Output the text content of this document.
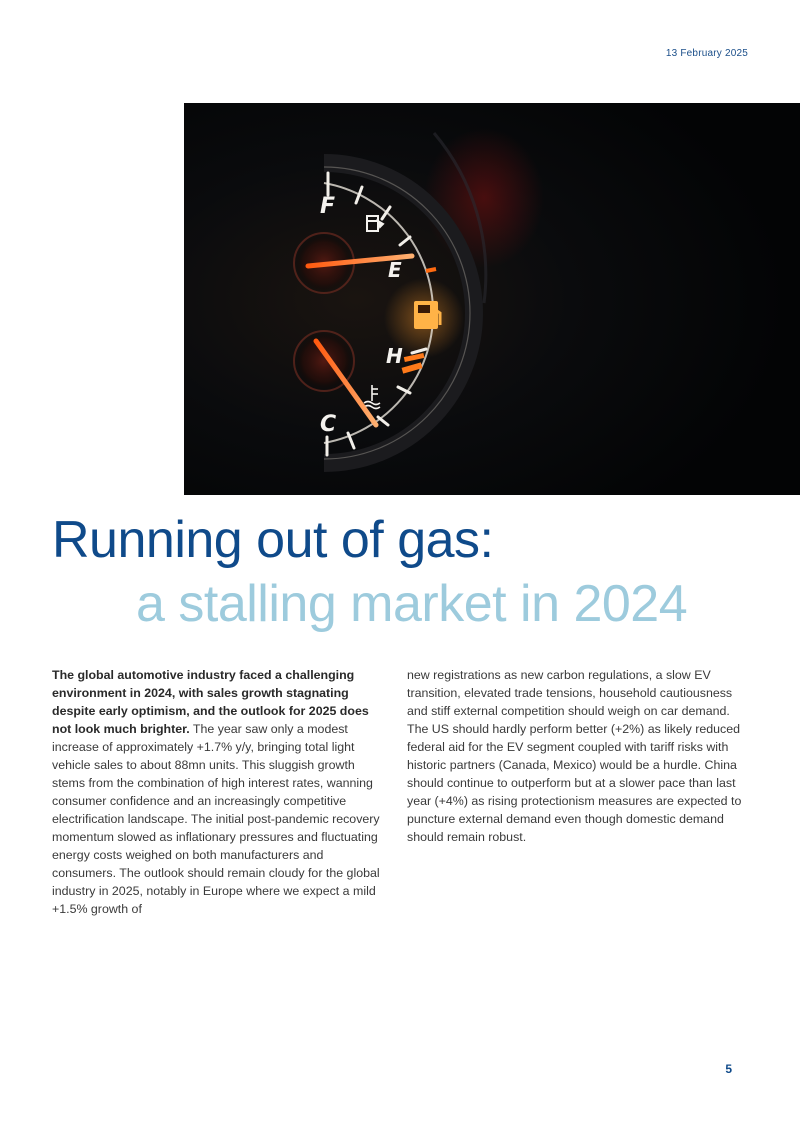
13 February 2025
F
E
H
C
Running out of gas:
a stalling market in 2024

The global automotive industry faced a challenging environment in 2024, with sales growth stagnating despite early optimism, and the outlook for 2025 does not look much brighter. The year saw only a modest increase of approximately +1.7% y/y, bringing total light vehicle sales to about 88mn units. This sluggish growth stems from the combination of high interest rates, wanning consumer confidence and an increasingly competitive electrification landscape. The initial post-pandemic recovery momentum slowed as inflationary pressures and fluctuating energy costs weighed on both manufacturers and consumers. The outlook should remain cloudy for the global industry in 2025, notably in Europe where we expect a mild +1.5% growth of

new registrations as new carbon regulations, a slow EV transition, elevated trade tensions, household cautiousness and stiff external competition should weigh on car demand. The US should hardly perform better (+2%) as likely reduced federal aid for the EV segment coupled with tariff risks with historic partners (Canada, Mexico) would be a hurdle. China should continue to outperform but at a slower pace than last year (+4%) as rising protectionism measures are expected to puncture external demand even though domestic demand should remain robust.

5
